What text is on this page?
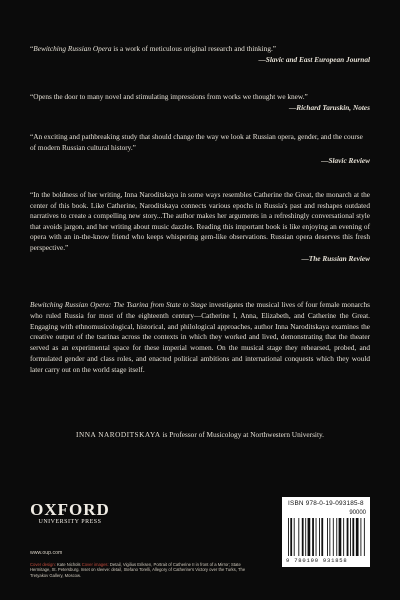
“Bewitching Russian Opera is a work of meticulous original research and thinking.”

—Slavic and East European Journal

“Opens the door to many novel and stimulating impressions from works we thought we knew.”

—Richard Taruskin, Notes

“An exciting and pathbreaking study that should change the way we look at Russian opera, gender, and the course of modern Russian cultural history.”

—Slavic Review

“In the boldness of her writing, Inna Naroditskaya in some ways resembles Catherine the Great, the monarch at the center of this book. Like Catherine, Naroditskaya connects various epochs in Russia's past and reshapes outdated narratives to create a compelling new story...The author makes her arguments in a refreshingly conversational style that avoids jargon, and her writing about music dazzles. Reading this important book is like enjoying an evening of opera with an in-the-know friend who keeps whispering gem-like observations. Russian opera deserves this fresh perspective.”

—The Russian Review

Bewitching Russian Opera: The Tsarina from State to Stage investigates the musical lives of four female monarchs who ruled Russia for most of the eighteenth century—Catherine I, Anna, Elizabeth, and Catherine the Great. Engaging with ethnomusicological, historical, and philological approaches, author Inna Naroditskaya examines the creative output of the tsarinas across the contexts in which they worked and lived, demonstrating that the theater served as an experimental space for these imperial women. On the musical stage they rehearsed, probed, and formulated gender and class roles, and enacted political ambitions and international conquests which they would later carry out on the world stage itself.

INNA NARODITSKAYA is Professor of Musicology at Northwestern University.

OXFORD
UNIVERSITY PRESS
www.oup.com
Cover design: Kate Nichols Cover images: Detail, Vigilius Eriksen, Portrait of Catherine II in front of a Mirror; State Hermitage, St. Petersburg. Inset on sleeve: detail, Stefano Torelli, Allegory of Catherine's Victory over the Turks, The Tretyakov Gallery, Moscow.
ISBN 978-0-19-093185-8
90000
9 780190 931858
